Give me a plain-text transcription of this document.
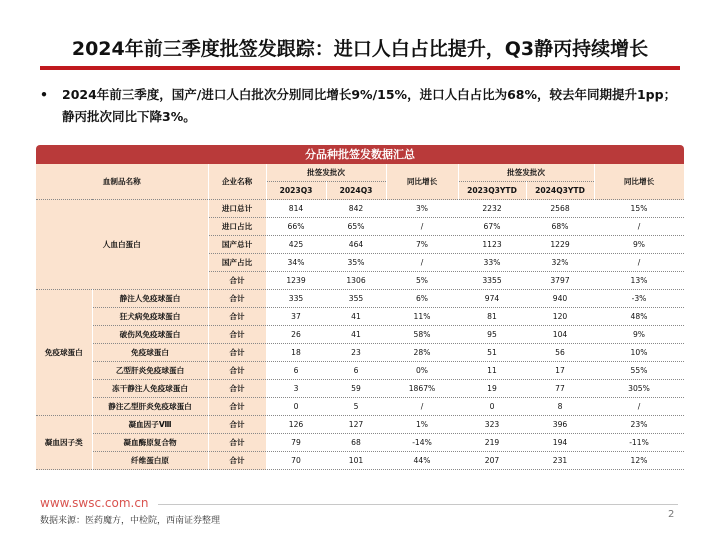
2024年前三季度批签发跟踪：进口人白占比提升，Q3静丙持续增长
• 2024年前三季度，国产/进口人白批次分别同比增长9%/15%，进口人白占比为68%，较去年同期提升1pp；静丙批次同比下降3%。
分品种批签发数据汇总
血制品名称		企业名称	批签发批次		同比增长	批签发批次		同比增长
			2023Q3	2024Q3		2023Q3YTD	2024Q3YTD	
人血白蛋白		进口总计	814	842	3%	2232	2568	15%
		进口占比	66%	65%	/	67%	68%	/
		国产总计	425	464	7%	1123	1229	9%
		国产占比	34%	35%	/	33%	32%	/
		合计	1239	1306	5%	3355	3797	13%
免疫球蛋白	静注人免疫球蛋白	合计	335	355	6%	974	940	-3%
	狂犬病免疫球蛋白	合计	37	41	11%	81	120	48%
	破伤风免疫球蛋白	合计	26	41	58%	95	104	9%
	免疫球蛋白	合计	18	23	28%	51	56	10%
	乙型肝炎免疫球蛋白	合计	6	6	0%	11	17	55%
	冻干静注人免疫球蛋白	合计	3	59	1867%	19	77	305%
	静注乙型肝炎免疫球蛋白	合计	0	5	/	0	8	/
凝血因子类	凝血因子Ⅷ	合计	126	127	1%	323	396	23%
	凝血酶原复合物	合计	79	68	-14%	219	194	-11%
	纤维蛋白原	合计	70	101	44%	207	231	12%
www.swsc.com.cn
数据来源：医药魔方，中检院，西南证券整理
2
